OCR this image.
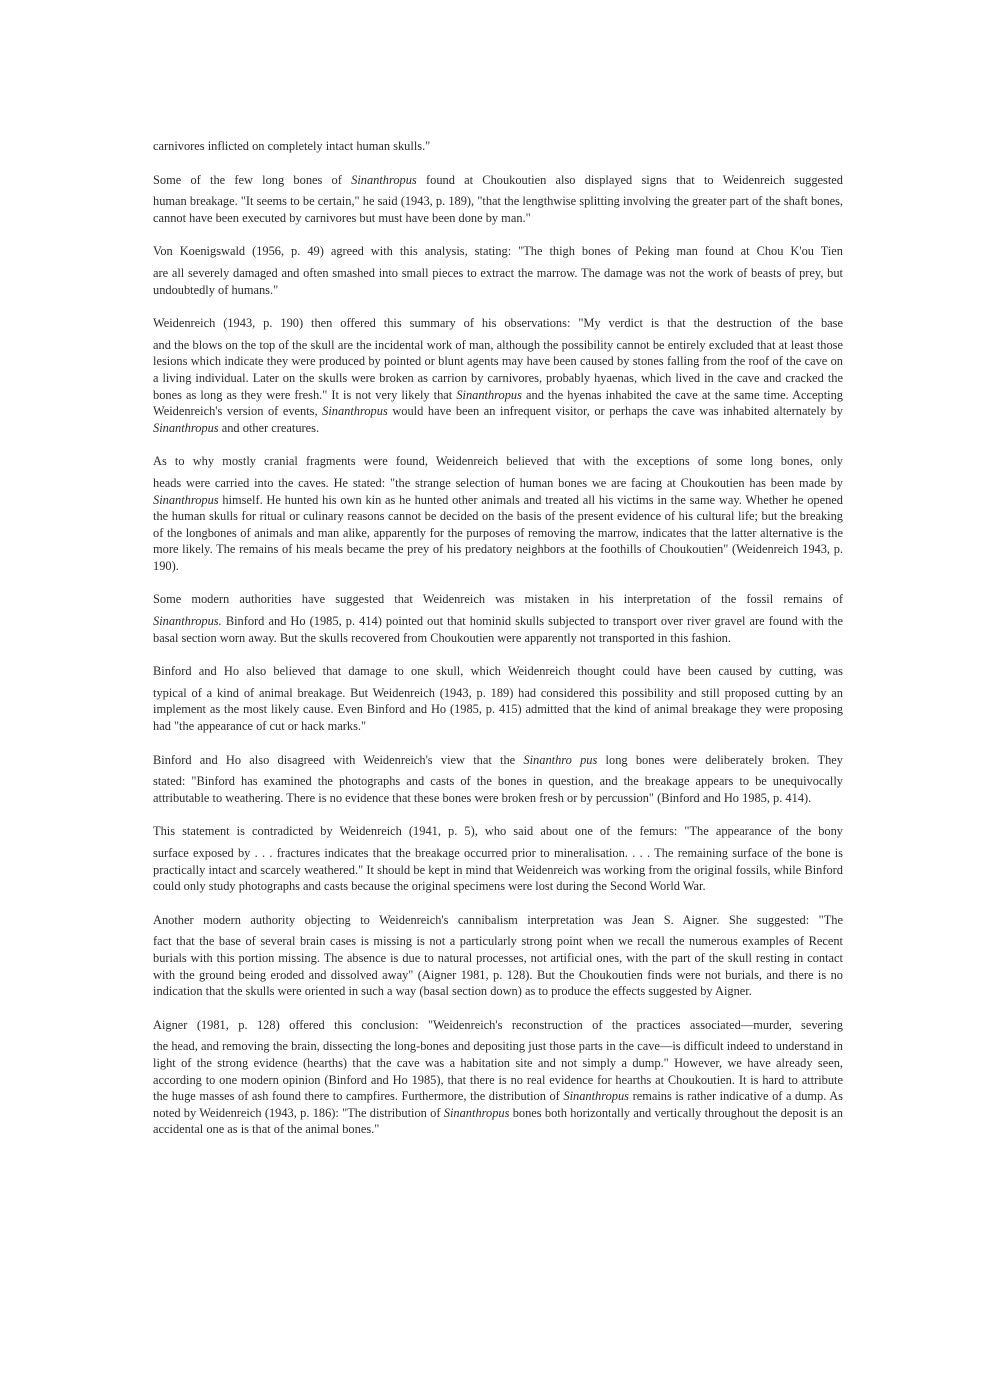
carnivores inflicted on completely intact human skulls."

Some of the few long bones of Sinanthropus found at Choukoutien also displayed signs that to Weidenreich suggested
human breakage. "It seems to be certain," he said (1943, p. 189), "that the lengthwise splitting involving the greater part of the shaft bones, cannot have been executed by carnivores but must have been done by man."

Von Koenigswald (1956, p. 49) agreed with this analysis, stating: "The thigh bones of Peking man found at Chou K'ou Tien
are all severely damaged and often smashed into small pieces to extract the marrow. The damage was not the work of beasts of prey, but undoubtedly of humans."

Weidenreich (1943, p. 190) then offered this summary of his observations: "My verdict is that the destruction of the base
and the blows on the top of the skull are the incidental work of man, although the possibility cannot be entirely excluded that at least those lesions which indicate they were produced by pointed or blunt agents may have been caused by stones falling from the roof of the cave on a living individual. Later on the skulls were broken as carrion by carnivores, probably hyaenas, which lived in the cave and cracked the bones as long as they were fresh." It is not very likely that Sinanthropus and the hyenas inhabited the cave at the same time. Accepting Weidenreich's version of events, Sinanthropus would have been an infrequent visitor, or perhaps the cave was inhabited alternately by Sinanthropus and other creatures.

As to why mostly cranial fragments were found, Weidenreich believed that with the exceptions of some long bones, only
heads were carried into the caves. He stated: "the strange selection of human bones we are facing at Choukoutien has been made by Sinanthropus himself. He hunted his own kin as he hunted other animals and treated all his victims in the same way. Whether he opened the human skulls for ritual or culinary reasons cannot be decided on the basis of the present evidence of his cultural life; but the breaking of the longbones of animals and man alike, apparently for the purposes of removing the marrow, indicates that the latter alternative is the more likely. The remains of his meals became the prey of his predatory neighbors at the foothills of Choukoutien" (Weidenreich 1943, p. 190).

Some modern authorities have suggested that Weidenreich was mistaken in his interpretation of the fossil remains of
Sinanthropus. Binford and Ho (1985, p. 414) pointed out that hominid skulls subjected to transport over river gravel are found with the basal section worn away. But the skulls recovered from Choukoutien were apparently not transported in this fashion.

Binford and Ho also believed that damage to one skull, which Weidenreich thought could have been caused by cutting, was
typical of a kind of animal breakage. But Weidenreich (1943, p. 189) had considered this possibility and still proposed cutting by an implement as the most likely cause. Even Binford and Ho (1985, p. 415) admitted that the kind of animal breakage they were proposing had "the appearance of cut or hack marks."

Binford and Ho also disagreed with Weidenreich's view that the Sinanthro pus long bones were deliberately broken. They
stated: "Binford has examined the photographs and casts of the bones in question, and the breakage appears to be unequivocally attributable to weathering. There is no evidence that these bones were broken fresh or by percussion" (Binford and Ho 1985, p. 414).

This statement is contradicted by Weidenreich (1941, p. 5), who said about one of the femurs: "The appearance of the bony
surface exposed by . . . fractures indicates that the breakage occurred prior to mineralisation. . . . The remaining surface of the bone is practically intact and scarcely weathered." It should be kept in mind that Weidenreich was working from the original fossils, while Binford could only study photographs and casts because the original specimens were lost during the Second World War.

Another modern authority objecting to Weidenreich's cannibalism interpretation was Jean S. Aigner. She suggested: "The
fact that the base of several brain cases is missing is not a particularly strong point when we recall the numerous examples of Recent burials with this portion missing. The absence is due to natural processes, not artificial ones, with the part of the skull resting in contact with the ground being eroded and dissolved away" (Aigner 1981, p. 128). But the Choukoutien finds were not burials, and there is no indication that the skulls were oriented in such a way (basal section down) as to produce the effects suggested by Aigner.

Aigner (1981, p. 128) offered this conclusion: "Weidenreich's reconstruction of the practices associated—murder, severing
the head, and removing the brain, dissecting the long-bones and depositing just those parts in the cave—is difficult indeed to understand in light of the strong evidence (hearths) that the cave was a habitation site and not simply a dump." However, we have already seen, according to one modern opinion (Binford and Ho 1985), that there is no real evidence for hearths at Choukoutien. It is hard to attribute the huge masses of ash found there to campfires. Furthermore, the distribution of Sinanthropus remains is rather indicative of a dump. As noted by Weidenreich (1943, p. 186): "The distribution of Sinanthropus bones both horizontally and vertically throughout the deposit is an accidental one as is that of the animal bones."
